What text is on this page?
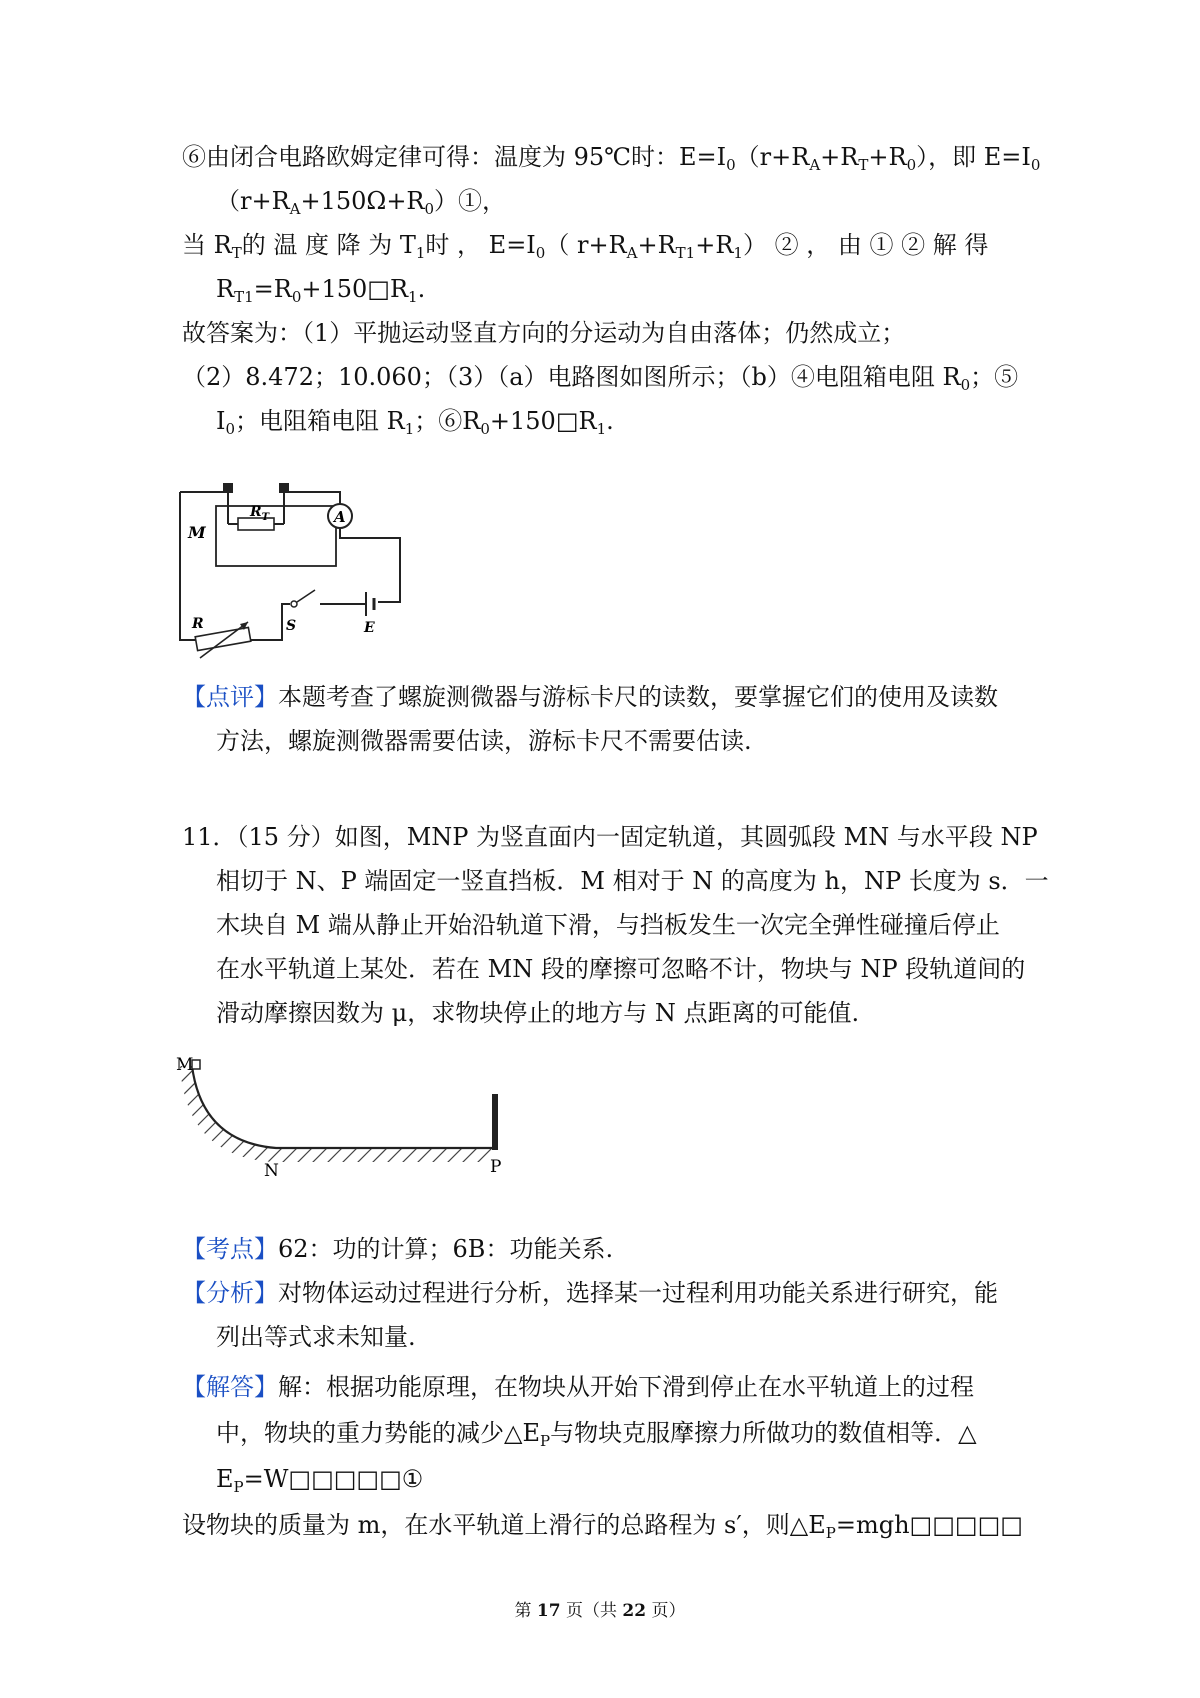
⑥由闭合电路欧姆定律可得：温度为 95℃时：$E=I_0(r+R_A+R_T+R_0)$，即 $E=I_0$
$(r+R_A+150\Omega+R_0)①$，
当 $R_T$的 温 度 降 为 $T_1$时 ， $E=I_0$（ $r+R_A+R_{T1}+R_1$） ② ， 由 ① ② 解 得
$R_{T1}=R_0+150□R_1$.
故答案为：（1）平抛运动竖直方向的分运动为自由落体；仍然成立；
（2）8.472；10.060；（3）（a）电路图如图所示；（b）④电阻箱电阻 $R_0$；⑤
$I_0$；电阻箱电阻 $R_1$；$⑥R_0+150□R_1$.
A
M
$R_T$
S	E
R
【点评】本题考查了螺旋测微器与游标卡尺的读数，要掌握它们的使用及读数
方法，螺旋测微器需要估读，游标卡尺不需要估读.
11．（15 分）如图，MNP 为竖直面内一固定轨道，其圆弧段 MN 与水平段 NP
相切于 N、P 端固定一竖直挡板．M 相对于 N 的高度为 h，NP 长度为 s．一
木块自 M 端从静止开始沿轨道下滑，与挡板发生一次完全弹性碰撞后停止
在水平轨道上某处．若在 MN 段的摩擦可忽略不计，物块与 NP 段轨道间的
滑动摩擦因数为 μ，求物块停止的地方与 N 点距离的可能值.
M
N	P
【考点】62：功的计算；6B：功能关系.
【分析】对物体运动过程进行分析，选择某一过程利用功能关系进行研究，能
列出等式求未知量.
【解答】解：根据功能原理，在物块从开始下滑到停止在水平轨道上的过程
中，物块的重力势能的减少$\triangle E_P$与物块克服摩擦力所做功的数值相等．△
$E_P=W□□□□□①$
设物块的质量为 m，在水平轨道上滑行的总路程为 s′，则$\triangle E_P=mgh□□□□□$
第 17 页（共 22 页）
